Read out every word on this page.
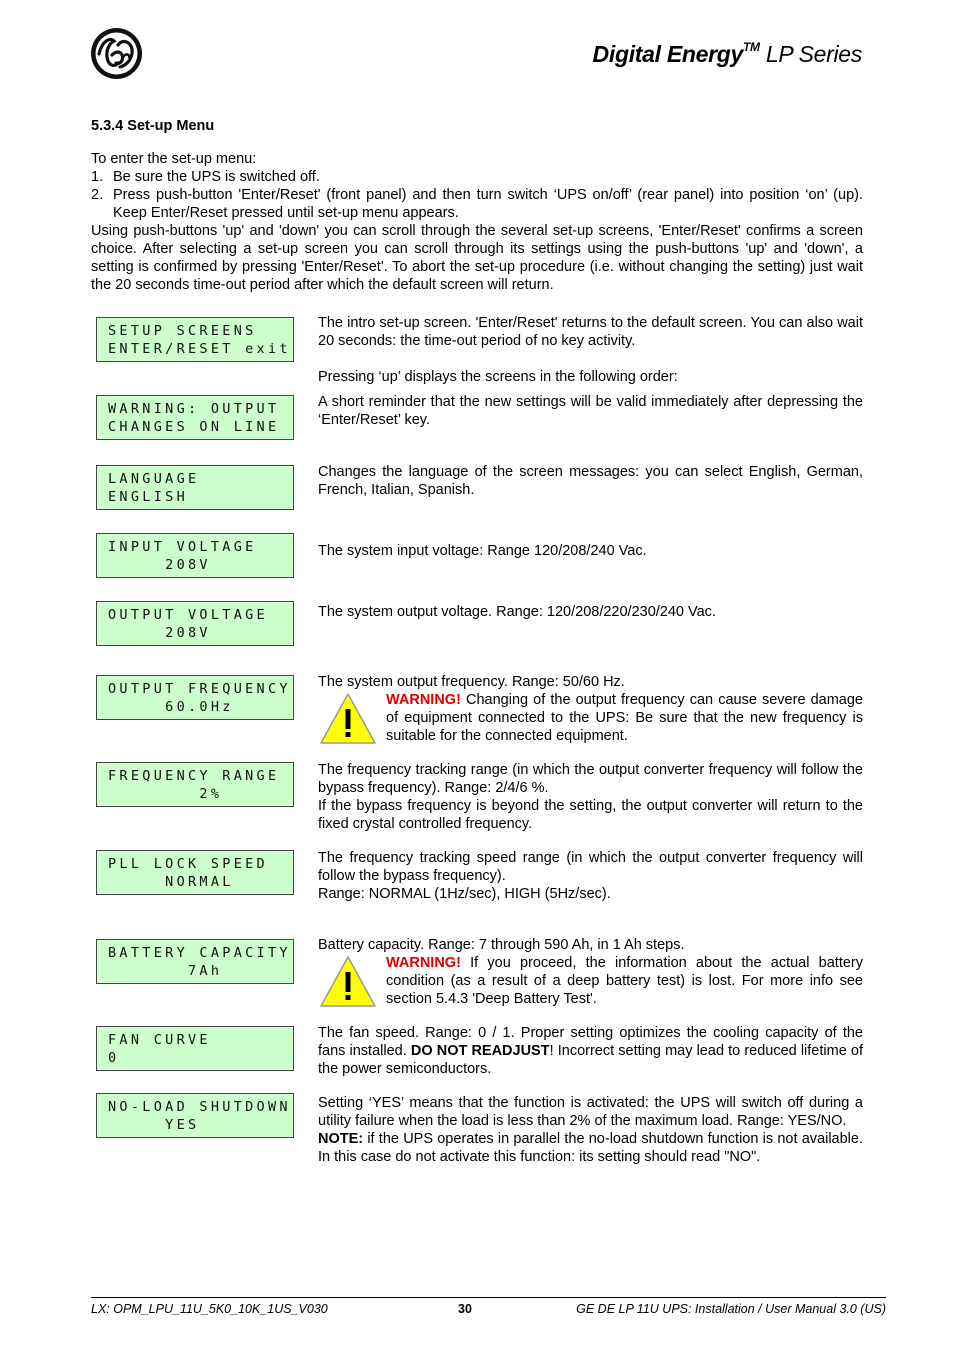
Digital Energy™ LP Series
5.3.4 Set-up Menu

To enter the set-up menu:

1. Be sure the UPS is switched off.
2. Press push-button 'Enter/Reset' (front panel) and then turn switch ‘UPS on/off’ (rear panel) into position ‘on’ (up). Keep Enter/Reset pressed until set-up menu appears.

Using push-buttons 'up' and 'down' you can scroll through the several set-up screens, 'Enter/Reset' confirms a screen choice. After selecting a set-up screen you can scroll through its settings using the push-buttons 'up' and 'down', a setting is confirmed by pressing 'Enter/Reset'. To abort the set-up procedure (i.e. without changing the setting) just wait the 20 seconds time-out period after which the default screen will return.

SETUP SCREENS
ENTER/RESET exit

The intro set-up screen. 'Enter/Reset' returns to the default screen. You can also wait 20 seconds: the time-out period of no key activity.

Pressing ‘up’ displays the screens in the following order:

WARNING: OUTPUT
CHANGES ON LINE
A short reminder that the new settings will be valid immediately after depressing the ‘Enter/Reset’ key.
LANGUAGE
ENGLISH
Changes the language of the screen messages: you can select English, German, French, Italian, Spanish.
INPUT VOLTAGE
208V
The system input voltage: Range 120/208/240 Vac.
OUTPUT VOLTAGE
208V
The system output voltage. Range: 120/208/220/230/240 Vac.
OUTPUT FREQUENCY
60.0Hz
The system output frequency. Range: 50/60 Hz.
WARNING! Changing of the output frequency can cause severe damage of equipment connected to the UPS: Be sure that the new frequency is suitable for the connected equipment.
FREQUENCY RANGE
2%

The frequency tracking range (in which the output converter frequency will follow the bypass frequency). Range: 2/4/6 %.

If the bypass frequency is beyond the setting, the output converter will return to the fixed crystal controlled frequency.

PLL LOCK SPEED
NORMAL

The frequency tracking speed range (in which the output converter frequency will follow the bypass frequency).

Range: NORMAL (1Hz/sec), HIGH (5Hz/sec).

BATTERY CAPACITY
7Ah
Battery capacity. Range: 7 through 590 Ah, in 1 Ah steps.
WARNING! If you proceed, the information about the actual battery condition (as a result of a deep battery test) is lost. For more info see section 5.4.3 'Deep Battery Test'.
FAN CURVE
0
The fan speed. Range: 0 / 1. Proper setting optimizes the cooling capacity of the fans installed. DO NOT READJUST! Incorrect setting may lead to reduced lifetime of the power semiconductors.
NO-LOAD SHUTDOWN
YES

Setting ‘YES’ means that the function is activated: the UPS will switch off during a utility failure when the load is less than 2% of the maximum load. Range: YES/NO.

NOTE: if the UPS operates in parallel the no-load shutdown function is not available. In this case do not activate this function: its setting should read "NO".

LX: OPM_LPU_11U_5K0_10K_1US_V030	30	GE DE LP 11U UPS: Installation / User Manual 3.0 (US)
